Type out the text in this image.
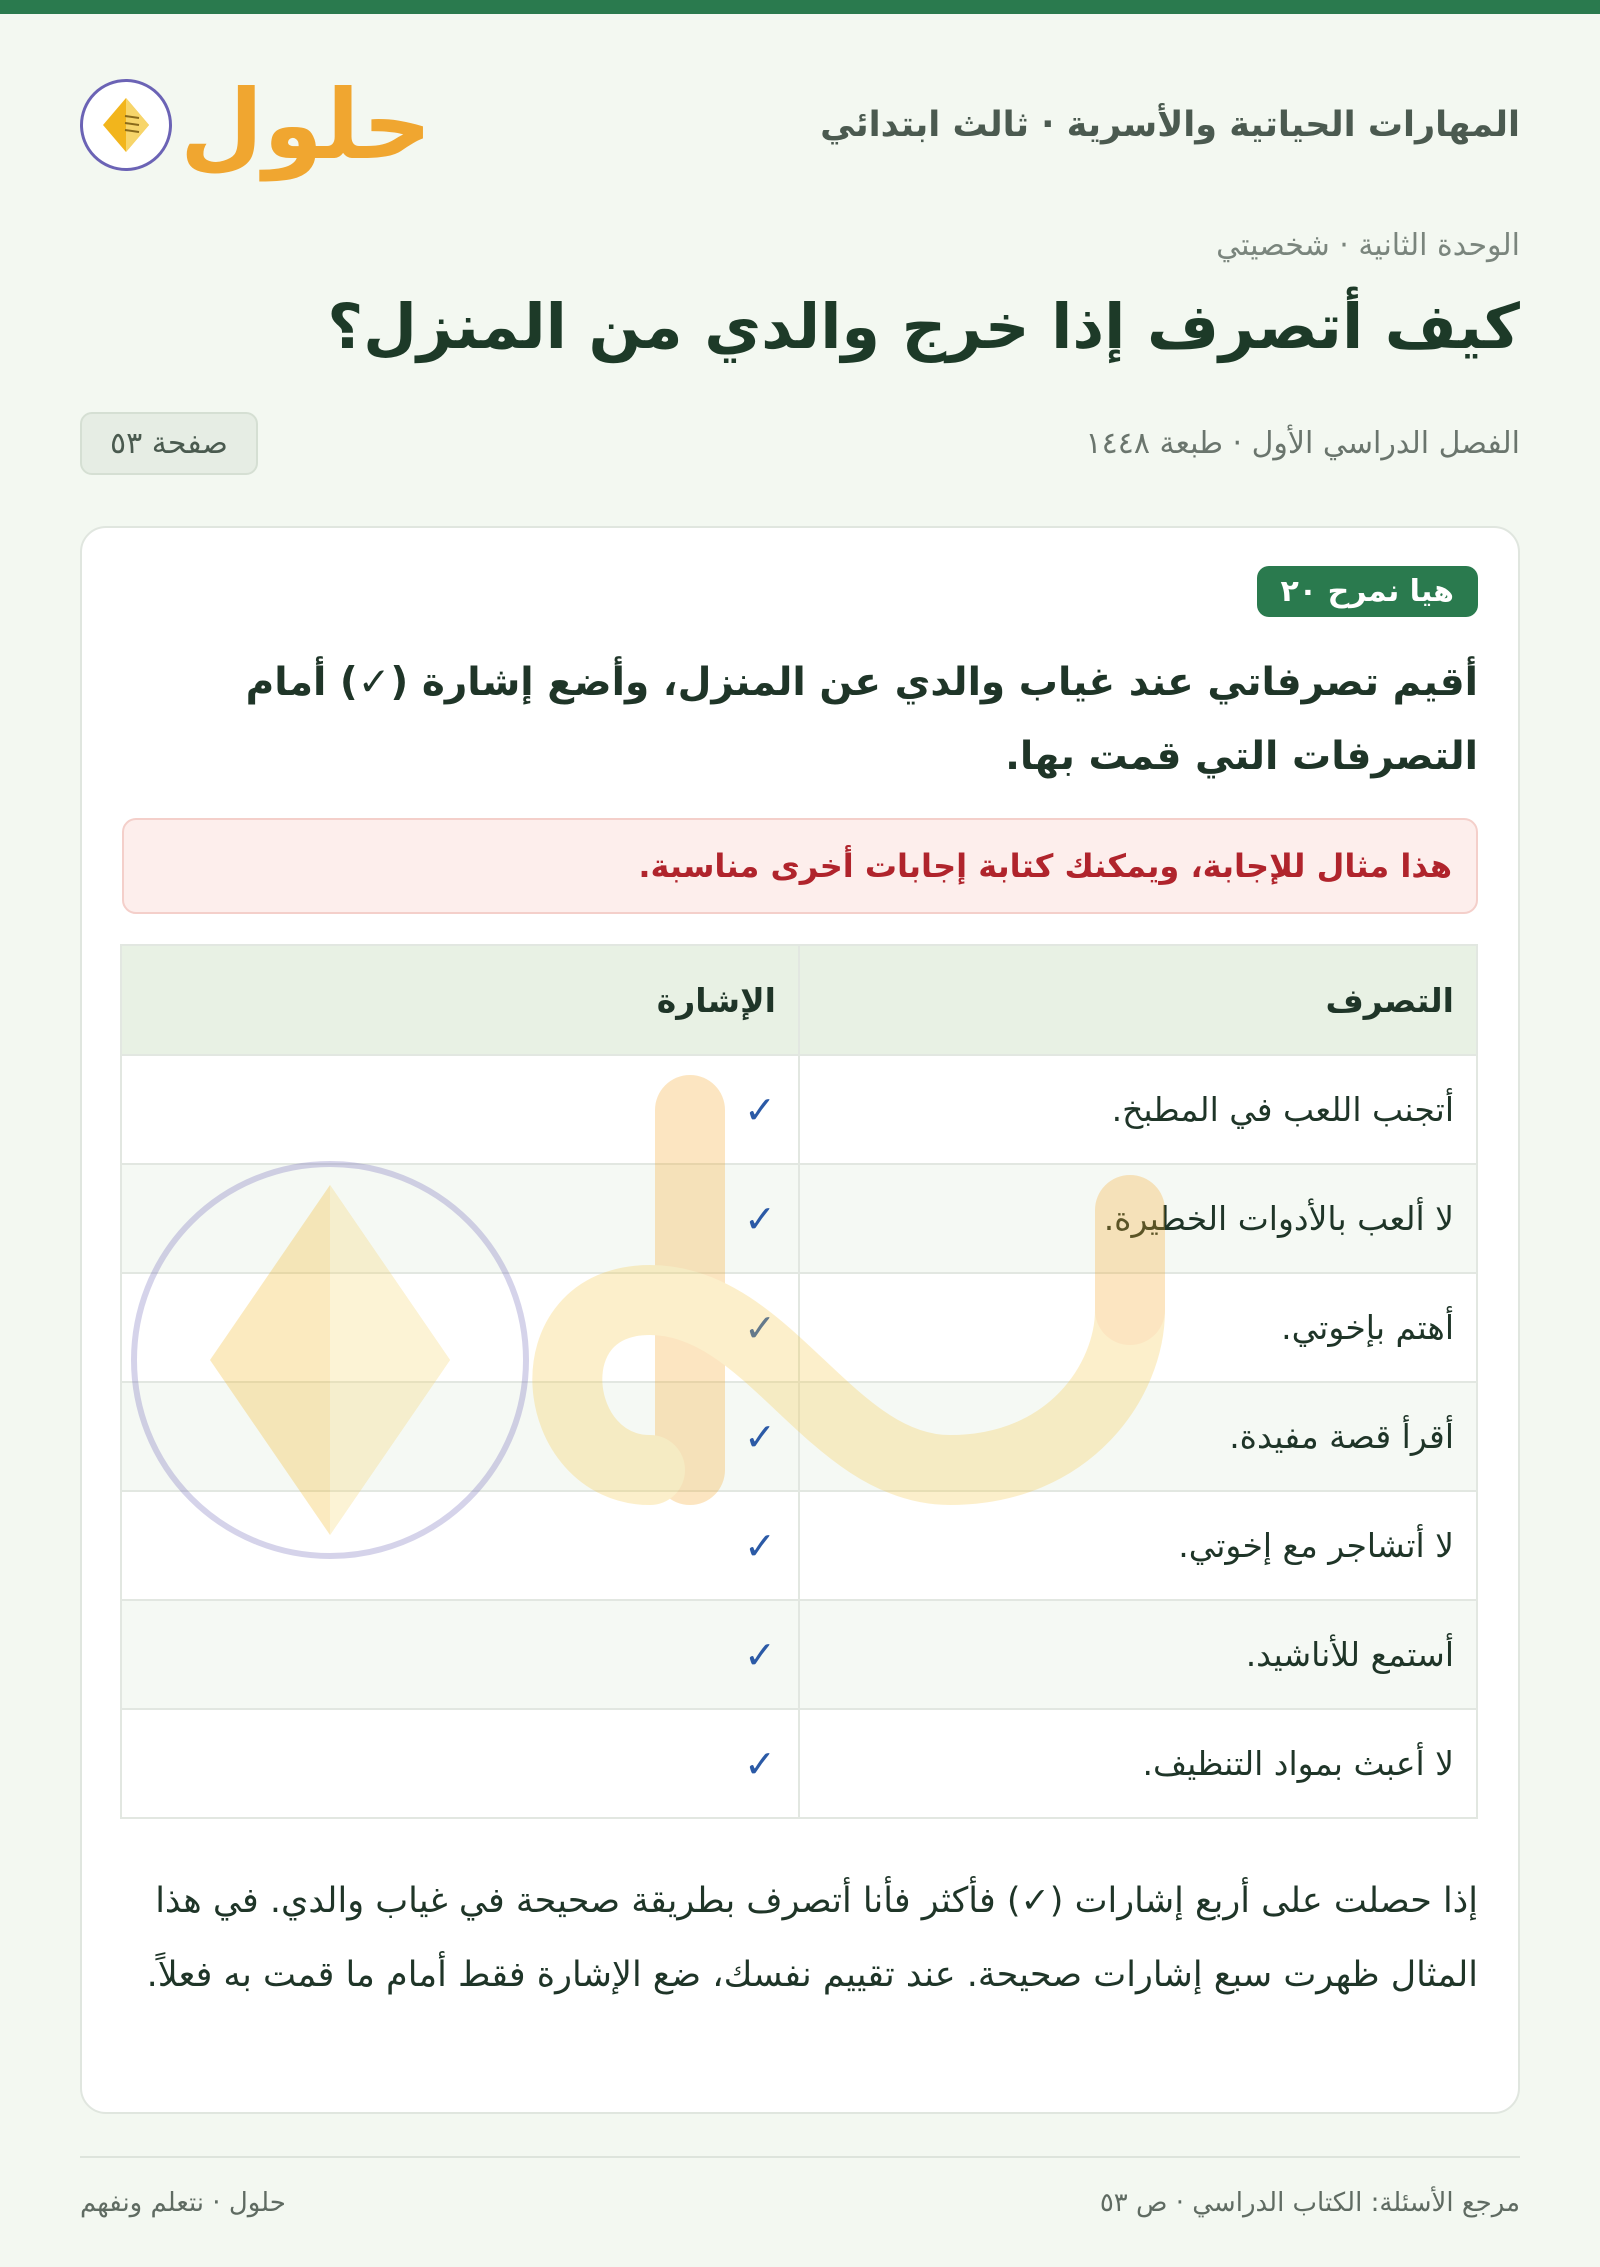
المهارات الحياتية والأسرية · ثالث ابتدائي
حلول
الوحدة الثانية · شخصيتي
كيف أتصرف إذا خرج والدي من المنزل؟
الفصل الدراسي الأول · طبعة ١٤٤٨
صفحة ٥٣
هيا نمرح ٢٠

أقيم تصرفاتي عند غياب والدي عن المنزل، وأضع إشارة (✓) أمام التصرفات التي قمت بها.

هذا مثال للإجابة، ويمكنك كتابة إجابات أخرى مناسبة.
التصرف	الإشارة
أتجنب اللعب في المطبخ.	✓
لا ألعب بالأدوات الخطيرة.	✓
أهتم بإخوتي.	✓
أقرأ قصة مفيدة.	✓
لا أتشاجر مع إخوتي.	✓
أستمع للأناشيد.	✓
لا أعبث بمواد التنظيف.	✓

إذا حصلت على أربع إشارات (✓) فأكثر فأنا أتصرف بطريقة صحيحة في غياب والدي. في هذا المثال ظهرت سبع إشارات صحيحة. عند تقييم نفسك، ضع الإشارة فقط أمام ما قمت به فعلاً.

مرجع الأسئلة: الكتاب الدراسي · ص ٥٣
حلول · نتعلم ونفهم
